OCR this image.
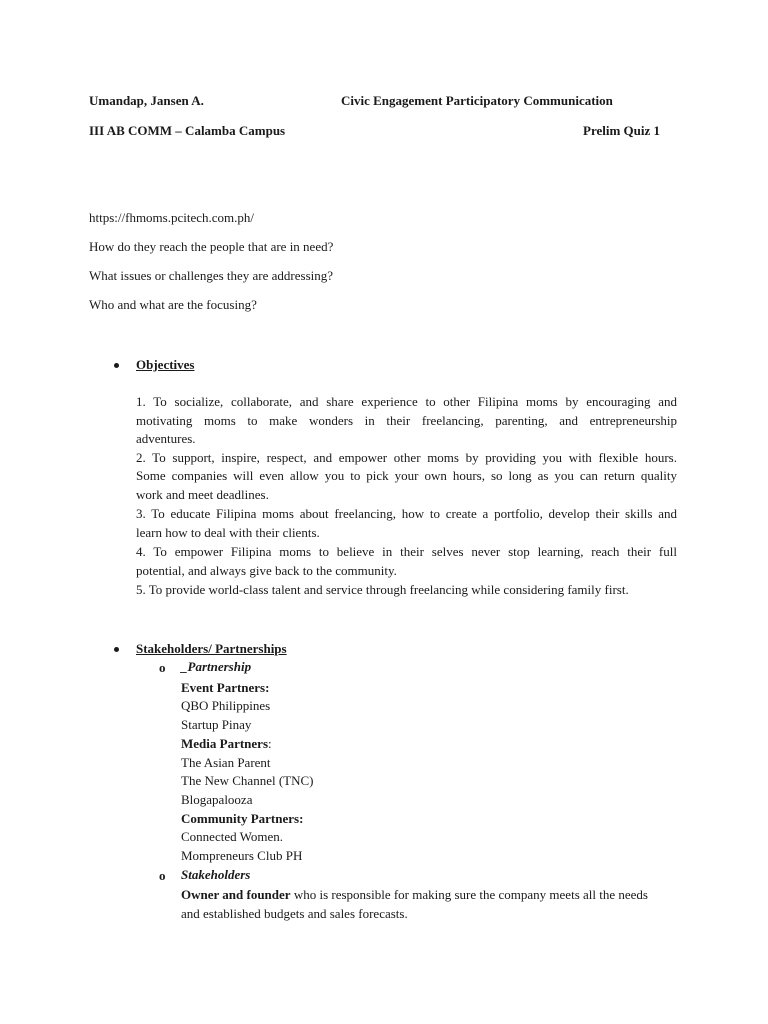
Umandap, Jansen A.	Civic Engagement Participatory Communication
III AB COMM – Calamba Campus	Prelim Quiz 1
https://fhmoms.pcitech.com.ph/
How do they reach the people that are in need?
What issues or challenges they are addressing?
Who and what are the focusing?
Objectives
1. To socialize, collaborate, and share experience to other Filipina moms by encouraging and
motivating moms to make wonders in their freelancing, parenting, and entrepreneurship
adventures.
2. To support, inspire, respect, and empower other moms by providing you with flexible hours.
Some companies will even allow you to pick your own hours, so long as you can return quality
work and meet deadlines.
3. To educate Filipina moms about freelancing, how to create a portfolio, develop their skills and
learn how to deal with their clients.
4. To empower Filipina moms to believe in their selves never stop learning, reach their full
potential, and always give back to the community.
5. To provide world-class talent and service through freelancing while considering family first.
Stakeholders/ Partnerships
o _Partnership
Event Partners:
QBO Philippines
Startup Pinay
Media Partners:
The Asian Parent
The New Channel (TNC)
Blogapalooza
Community Partners:
Connected Women.
Mompreneurs Club PH
o Stakeholders
Owner and founder who is responsible for making sure the company meets all the needs
and established budgets and sales forecasts.
